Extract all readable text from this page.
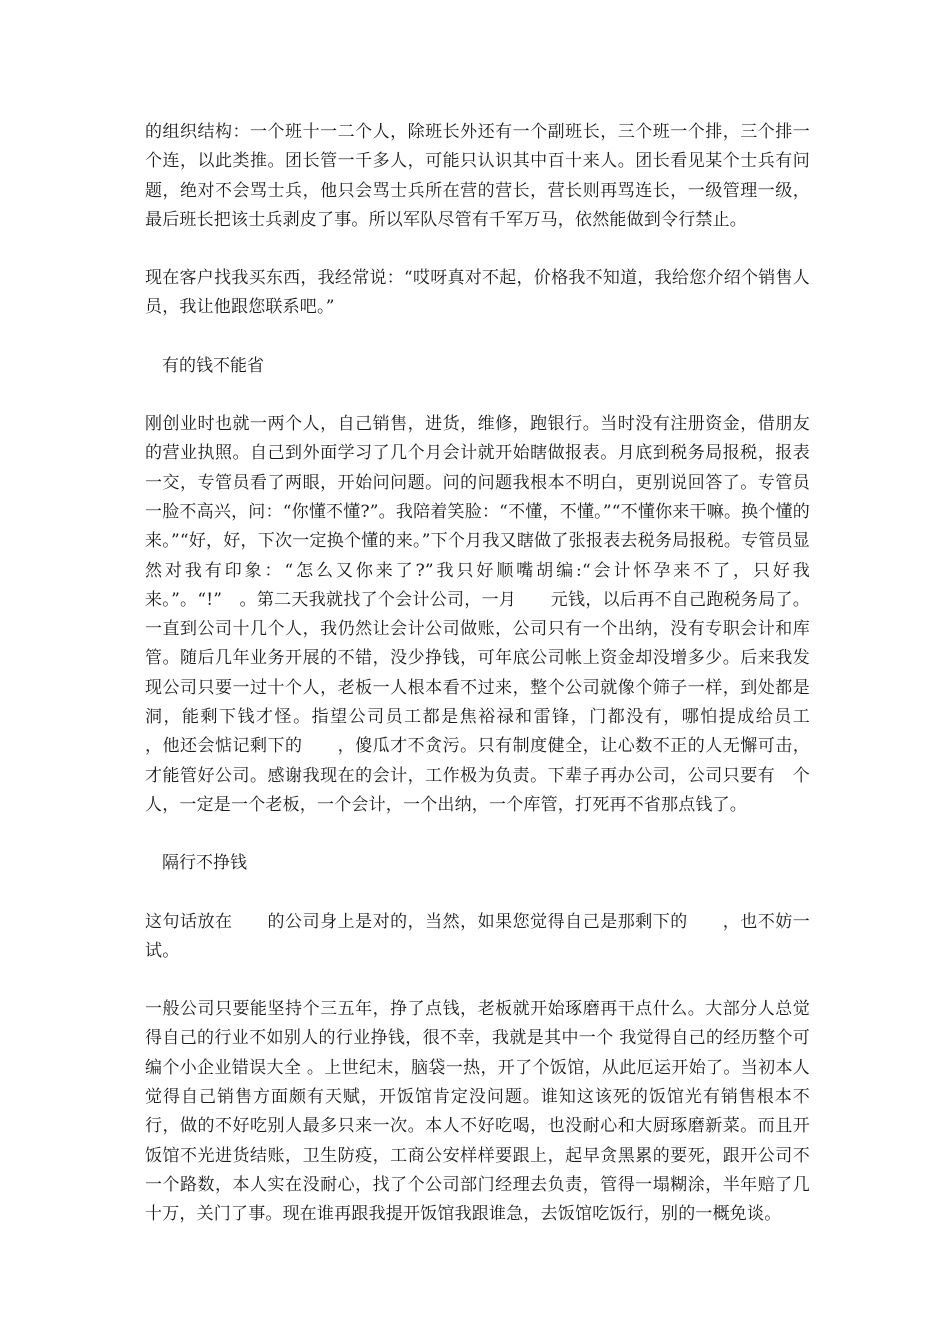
的组织结构：一个班十一二个人，除班长外还有一个副班长，三个班一个排，三个排一个连，以此类推。团长管一千多人，可能只认识其中百十来人。团长看见某个士兵有问题，绝对不会骂士兵，他只会骂士兵所在营的营长，营长则再骂连长，一级管理一级，最后班长把该士兵剥皮了事。所以军队尽管有千军万马，依然能做到令行禁止。

现在客户找我买东西，我经常说：“哎呀真对不起，价格我不知道，我给您介绍个销售人员，我让他跟您联系吧。”

有的钱不能省

刚创业时也就一两个人，自己销售，进货，维修，跑银行。当时没有注册资金，借朋友的营业执照。自己到外面学习了几个月会计就开始瞎做报表。月底到税务局报税，报表一交，专管员看了两眼，开始问问题。问的问题我根本不明白，更别说回答了。专管员一脸不高兴，问：“你懂不懂?”。我陪着笑脸：“不懂，不懂。”“不懂你来干嘛。换个懂的来。”“好，好，下次一定换个懂的来。”下个月我又瞎做了张报表去税务局报税。专管员显然对我有印象：“怎么又你来了?”我只好顺嘴胡编:“会计怀孕来不了，只好我来。”。“!”　。第二天我就找了个会计公司，一月　　元钱，以后再不自己跑税务局了。一直到公司十几个人，我仍然让会计公司做账，公司只有一个出纳，没有专职会计和库管。随后几年业务开展的不错，没少挣钱，可年底公司帐上资金却没增多少。后来我发现公司只要一过十个人，老板一人根本看不过来，整个公司就像个筛子一样，到处都是洞，能剩下钱才怪。指望公司员工都是焦裕禄和雷锋，门都没有，哪怕提成给员工　　，他还会惦记剩下的　　，傻瓜才不贪污。只有制度健全，让心数不正的人无懈可击，才能管好公司。感谢我现在的会计，工作极为负责。下辈子再办公司，公司只要有　个人，一定是一个老板，一个会计，一个出纳，一个库管，打死再不省那点钱了。

隔行不挣钱

这句话放在　　的公司身上是对的，当然，如果您觉得自己是那剩下的　　，也不妨一试。

一般公司只要能坚持个三五年，挣了点钱，老板就开始琢磨再干点什么。大部分人总觉得自己的行业不如别人的行业挣钱，很不幸，我就是其中一个 我觉得自己的经历整个可编个小企业错误大全 。上世纪末，脑袋一热，开了个饭馆，从此厄运开始了。当初本人觉得自己销售方面颇有天赋，开饭馆肯定没问题。谁知这该死的饭馆光有销售根本不行，做的不好吃别人最多只来一次。本人不好吃喝，也没耐心和大厨琢磨新菜。而且开饭馆不光进货结账，卫生防疫，工商公安样样要跟上，起早贪黑累的要死，跟开公司不一个路数，本人实在没耐心，找了个公司部门经理去负责，管得一塌糊涂，半年赔了几十万，关门了事。现在谁再跟我提开饭馆我跟谁急，去饭馆吃饭行，别的一概免谈。
